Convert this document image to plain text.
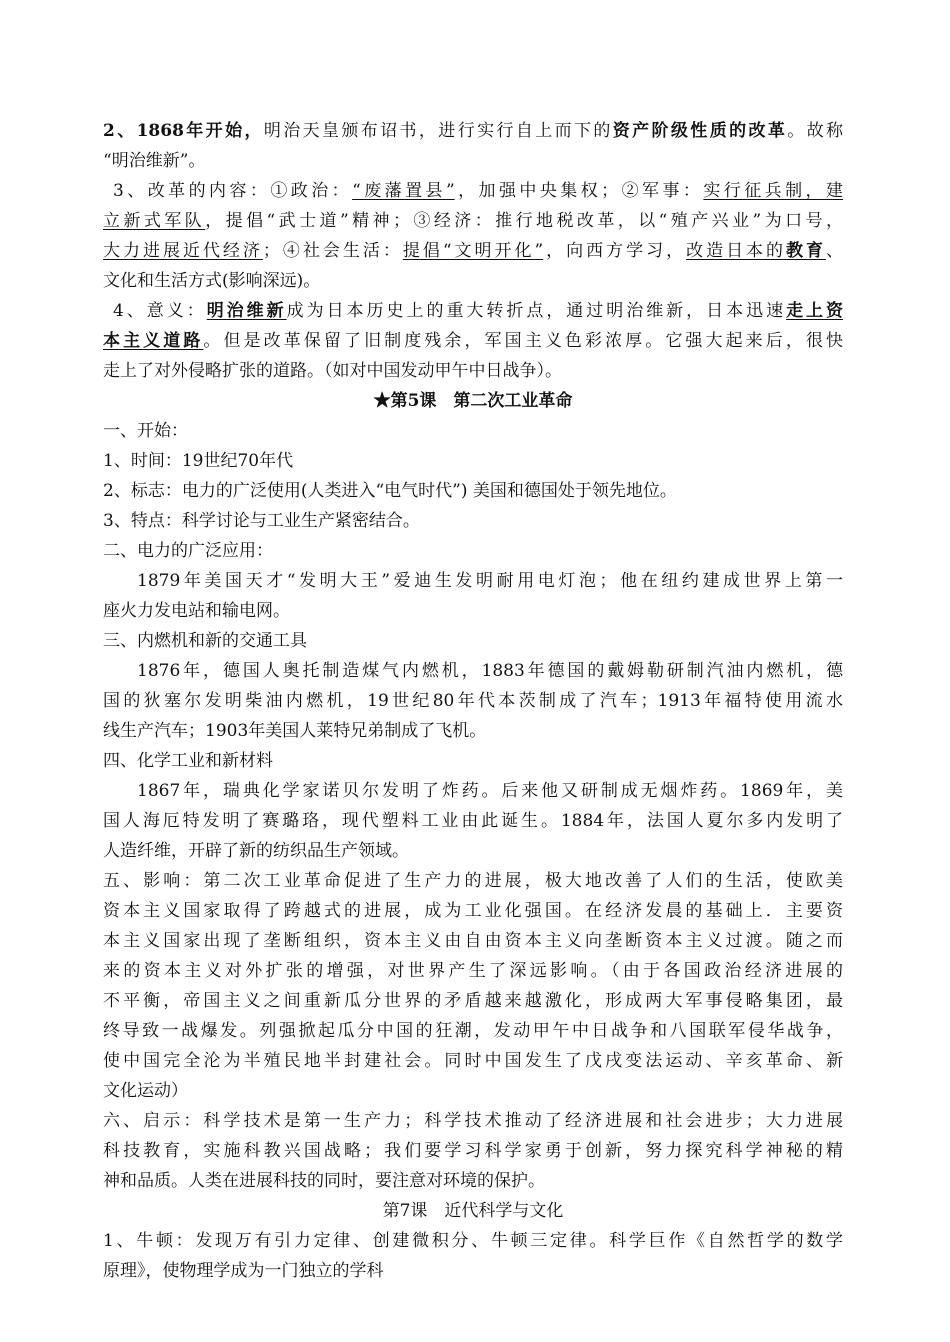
2、1868年开始，明治天皇颁布诏书，进行实行自上而下的资产阶级性质的改革。故称
“明治维新”。
3、改革的内容：①政治：“废藩置县”，加强中央集权；②军事：实行征兵制，建
立新式军队，提倡“武士道”精神；③经济：推行地税改革，以“殖产兴业”为口号，
大力进展近代经济；④社会生活：提倡“文明开化”，向西方学习，改造日本的教育、
文化和生活方式(影响深远)。
4、意义：明治维新成为日本历史上的重大转折点，通过明治维新，日本迅速走上资
本主义道路。但是改革保留了旧制度残余，军国主义色彩浓厚。它强大起来后，很快
走上了对外侵略扩张的道路。（如对中国发动甲午中日战争）。
★第5课　第二次工业革命
一、开始：
1、时间：19世纪70年代
2、标志：电力的广泛使用(人类进入“电气时代”) 美国和德国处于领先地位。
3、特点：科学讨论与工业生产紧密结合。
二、电力的广泛应用：
1879年美国天才“发明大王”爱迪生发明耐用电灯泡；他在纽约建成世界上第一
座火力发电站和输电网。
三、内燃机和新的交通工具
1876年，德国人奥托制造煤气内燃机，1883年德国的戴姆勒研制汽油内燃机，德
国的狄塞尔发明柴油内燃机，19世纪80年代本茨制成了汽车；1913年福特使用流水
线生产汽车；1903年美国人莱特兄弟制成了飞机。
四、化学工业和新材料
1867年，瑞典化学家诺贝尔发明了炸药。后来他又研制成无烟炸药。1869年，美
国人海厄特发明了赛璐珞，现代塑料工业由此诞生。1884年，法国人夏尔多内发明了
人造纤维，开辟了新的纺织品生产领域。
五、影响：第二次工业革命促进了生产力的进展，极大地改善了人们的生活，使欧美
资本主义国家取得了跨越式的进展，成为工业化强国。在经济发晨的基础上．主要资
本主义国家出现了垄断组织，资本主义由自由资本主义向垄断资本主义过渡。随之而
来的资本主义对外扩张的增强，对世界产生了深远影响。（由于各国政治经济进展的
不平衡，帝国主义之间重新瓜分世界的矛盾越来越激化，形成两大军事侵略集团，最
终导致一战爆发。列强掀起瓜分中国的狂潮，发动甲午中日战争和八国联军侵华战争，
使中国完全沦为半殖民地半封建社会。同时中国发生了戊戌变法运动、辛亥革命、新
文化运动）
六、启示：科学技术是第一生产力；科学技术推动了经济进展和社会进步；大力进展
科技教育，实施科教兴国战略；我们要学习科学家勇于创新，努力探究科学神秘的精
神和品质。人类在进展科技的同时，要注意对环境的保护。
第7课　近代科学与文化
1、牛顿：发现万有引力定律、创建微积分、牛顿三定律。科学巨作《自然哲学的数学
原理》，使物理学成为一门独立的学科
